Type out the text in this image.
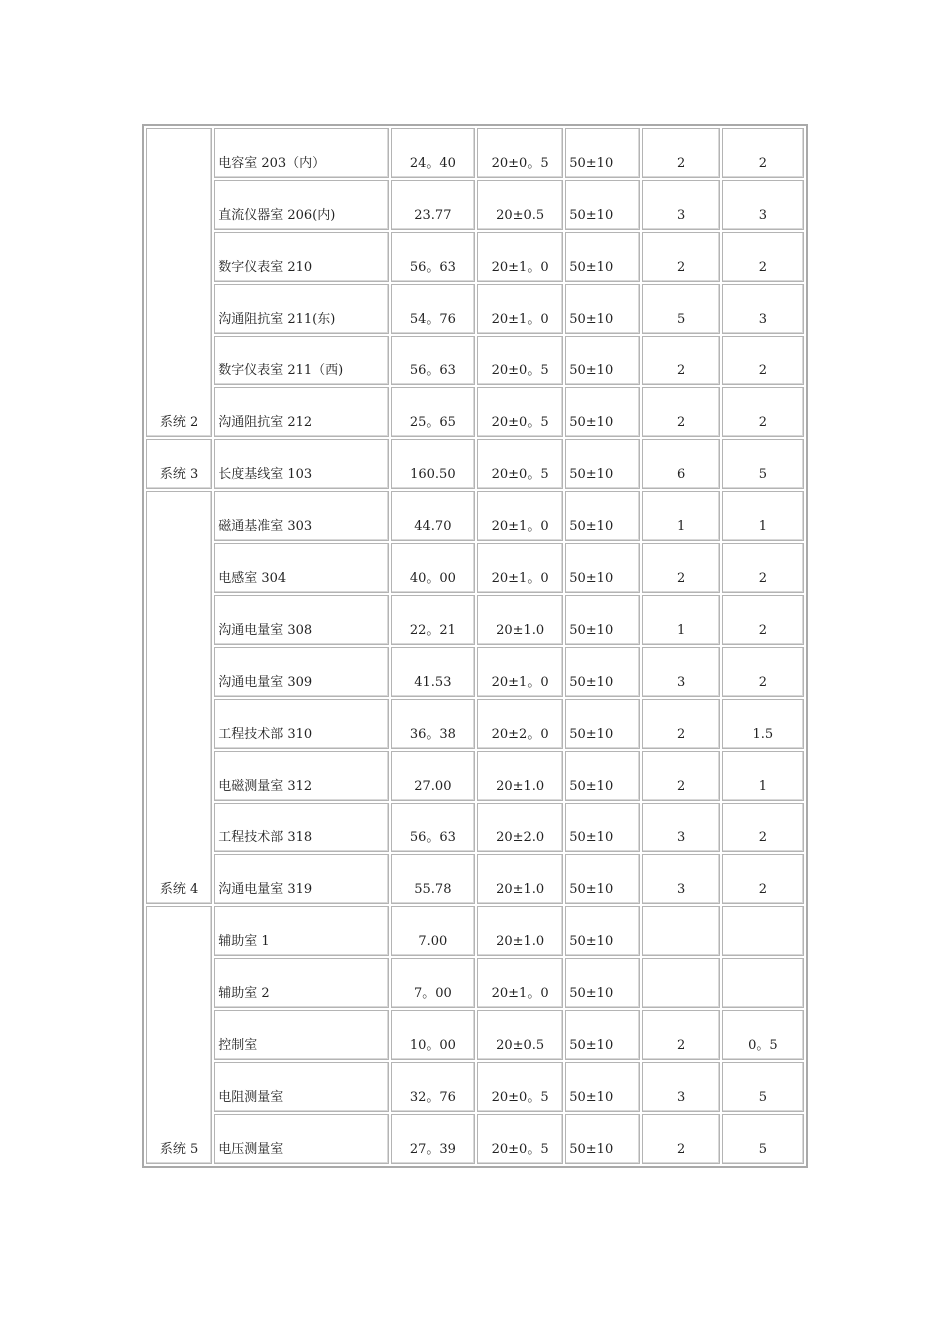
系统 2	电容室 203（内）	24。40	20±0。5	50±10	2	2
	直流仪器室 206(内)	23.77	20±0.5	50±10	3	3
	数字仪表室 210	56。63	20±1。0	50±10	2	2
	沟通阻抗室 211(东)	54。76	20±1。0	50±10	5	3
	数字仪表室 211（西)	56。63	20±0。5	50±10	2	2
	沟通阻抗室 212	25。65	20±0。5	50±10	2	2
系统 3	长度基线室 103	160.50	20±0。5	50±10	6	5
系统 4	磁通基准室 303	44.70	20±1。0	50±10	1	1
	电感室 304	40。00	20±1。0	50±10	2	2
	沟通电量室 308	22。21	20±1.0	50±10	1	2
	沟通电量室 309	41.53	20±1。0	50±10	3	2
	工程技术部 310	36。38	20±2。0	50±10	2	1.5
	电磁测量室 312	27.00	20±1.0	50±10	2	1
	工程技术部 318	56。63	20±2.0	50±10	3	2
	沟通电量室 319	55.78	20±1.0	50±10	3	2
系统 5	辅助室 1	7.00	20±1.0	50±10		
	辅助室 2	7。00	20±1。0	50±10		
	控制室	10。00	20±0.5	50±10	2	0。5
	电阻测量室	32。76	20±0。5	50±10	3	5
	电压测量室	27。39	20±0。5	50±10	2	5
